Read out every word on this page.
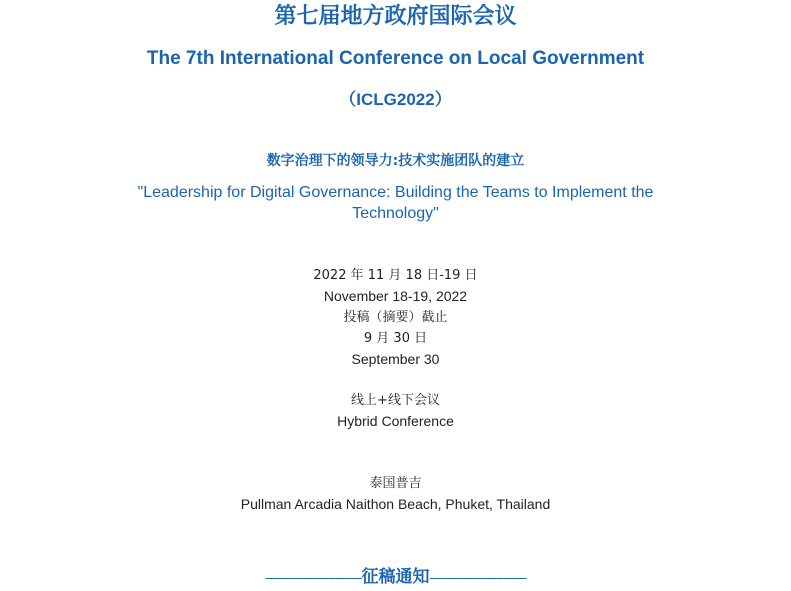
第七届地方政府国际会议
The 7th International Conference on Local Government
（ICLG2022）
数字治理下的领导力:技术实施团队的建立
"Leadership for Digital Governance: Building the Teams to Implement the
Technology"
2022 年 11 月 18 日-19 日
November 18-19, 2022
投稿（摘要）截止
9 月 30 日
September 30
线上+线下会议
Hybrid Conference
泰国普吉
Pullman Arcadia Naithon Beach, Phuket, Thailand
-----------------------------征稿通知-----------------------------
